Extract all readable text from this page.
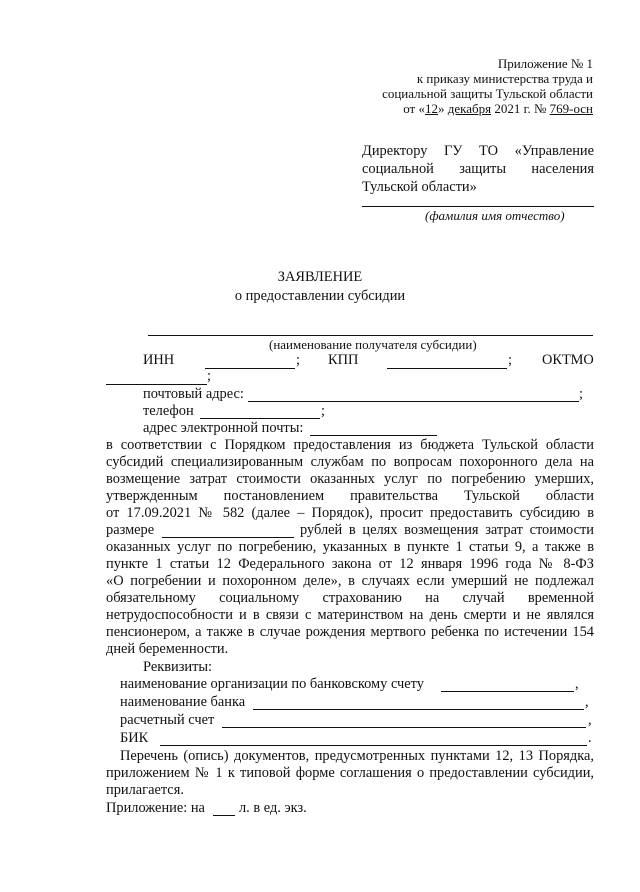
Приложение № 1
к приказу министерства труда и
социальной защиты Тульской области
от «12» декабря 2021 г. № 769-осн
Директору ГУ ТО «Управление
социальной защиты населения
Тульской области»
(фамилия имя отчество)
ЗАЯВЛЕНИЕ
о предоставлении субсидии
(наименование получателя субсидии)
ИНН	; КПП	; ОКТМО
;
почтовый адрес:	;
телефон	;
адрес электронной почты:
в соответствии с Порядком предоставления из бюджета Тульской области
субсидий специализированным службам по вопросам похоронного дела на
возмещение затрат стоимости оказанных услуг по погребению умерших,
утвержденным постановлением правительства Тульской области
от 17.09.2021 № 582 (далее – Порядок), просит предоставить субсидию в
размере	рублей в целях возмещения затрат стоимости
оказанных услуг по погребению, указанных в пункте 1 статьи 9, а также в
пункте 1 статьи 12 Федерального закона от 12 января 1996 года № 8-ФЗ
«О погребении и похоронном деле», в случаях если умерший не подлежал
обязательному социальному страхованию на случай временной
нетрудоспособности и в связи с материнством на день смерти и не являлся
пенсионером, а также в случае рождения мертвого ребенка по истечении 154
дней беременности.
Реквизиты:
наименование организации по банковскому счету	,
наименование банка	,
расчетный счет	,
БИК	.
Перечень (опись) документов, предусмотренных пунктами 12, 13 Порядка,
приложением № 1 к типовой форме соглашения о предоставлении субсидии,
прилагается.
Приложение: на л. в ед. экз.
